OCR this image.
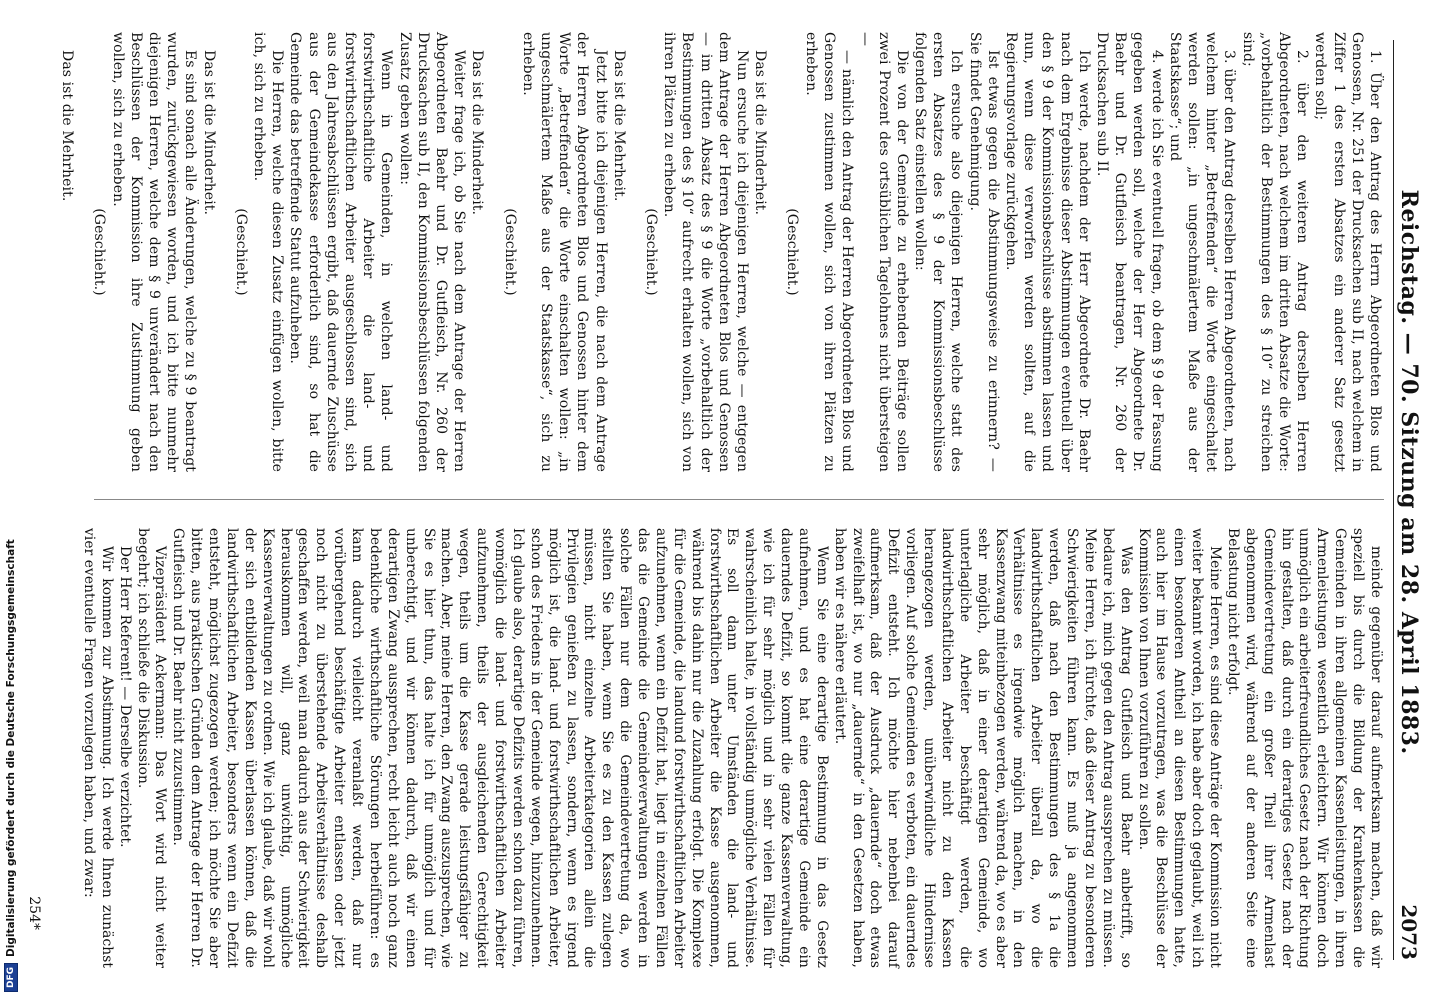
Reichstag. — 70. Sitzung am 28. April 1883.
2073

1. Über den Antrag des Herrn Abgeordneten Blos und Genossen, Nr. 251 der Drucksachen sub II, nach welchem in Ziffer 1 des ersten Absatzes ein anderer Satz gesetzt werden soll;

2. über den weiteren Antrag derselben Herren Abgeordneten, nach welchem im dritten Absatze die Worte: „vorbehaltlich der Bestimmungen des § 10“ zu streichen sind;

3. über den Antrag derselben Herren Abgeordneten, nach welchem hinter „Betreffenden“ die Worte eingeschaltet werden sollen: „in ungeschmälertem Maße aus der Staatskasse“; und

4. werde ich Sie eventuell fragen, ob dem § 9 der Fassung gegeben werden soll, welche der Herr Abgeordnete Dr. Baehr und Dr. Gutfleisch beantragen, Nr. 260 der Drucksachen sub II.

Ich werde, nachdem der Herr Abgeordnete Dr. Baehr nach dem Ergebnisse dieser Abstimmungen eventuell über den § 9 der Kommissionsbeschlüsse abstimmen lassen und nun, wenn diese verworfen werden sollten, auf die Regierungsvorlage zurückgehen.

Ist etwas gegen die Abstimmungsweise zu erinnern? — Sie findet Genehmigung.

Ich ersuche also diejenigen Herren, welche statt des ersten Absatzes des § 9 der Kommissionsbeschlüsse folgenden Satz einstellen wollen:

Die von der Gemeinde zu erhebenden Beiträge sollen zwei Prozent des ortsüblichen Tagelohnes nicht übersteigen —

— nämlich den Antrag der Herren Abgeordneten Blos und Genossen zustimmen wollen, sich von ihren Plätzen zu erheben.

(Geschieht.)

Das ist die Minderheit.

Nun ersuche ich diejenigen Herren, welche — entgegen dem Antrage der Herren Abgeordneten Blos und Genossen — im dritten Absatz des § 9 die Worte „vorbehaltlich der Bestimmungen des § 10“ aufrecht erhalten wollen, sich von ihren Plätzen zu erheben.

(Geschieht.)

Das ist die Mehrheit.

Jetzt bitte ich diejenigen Herren, die nach dem Antrage der Herren Abgeordneten Blos und Genossen hinter dem Worte „Betreffenden“ die Worte einschalten wollen: „in ungeschmälertem Maße aus der Staatskasse“, sich zu erheben.

(Geschieht.)

Das ist die Minderheit.

Weiter frage ich, ob Sie nach dem Antrage der Herren Abgeordneten Baehr und Dr. Gutfleisch, Nr. 260 der Drucksachen sub II, den Kommissionsbeschlüssen folgenden Zusatz geben wollen:

Wenn in Gemeinden, in welchen land- und forstwirthschaftliche Arbeiter die land- und forstwirthschaftlichen Arbeiter ausgeschlossen sind, sich aus den Jahresabschlüssen ergibt, daß dauernde Zuschüsse aus der Gemeindekasse erforderlich sind, so hat die Gemeinde das betreffende Statut aufzuheben.

Die Herren, welche diesen Zusatz einfügen wollen, bitte ich, sich zu erheben.

(Geschieht.)

Das ist die Minderheit.

Es sind sonach alle Änderungen, welche zu § 9 beantragt wurden, zurückgewiesen worden, und ich bitte nunmehr diejenigen Herren, welche dem § 9 unverändert nach den Beschlüssen der Kommission ihre Zustimmung geben wollen, sich zu erheben.

(Geschieht.)

Das ist die Mehrheit.

meinde gegenüber darauf aufmerksam machen, daß wir speziell bis durch die Bildung der Krankenkassen die Gemeinden in ihren allgemeinen Kassenleistungen, in ihren Armenleistungen wesentlich erleichtern. Wir können doch unmöglich ein arbeiterfreundliches Gesetz nach der Richtung hin gestalten, daß durch ein derartiges Gesetz nach der Gemeindevertretung ein großer Theil ihrer Armenlast abgenommen wird, während auf der anderen Seite eine Belastung nicht erfolgt.

Meine Herren, es sind diese Anträge der Kommission nicht weiter bekannt worden, ich habe aber doch geglaubt, weil ich einen besonderen Antheil an diesen Bestimmungen hatte, auch hier im Hause vorzutragen, was die Beschlüsse der Kommission von Ihnen vorzuführen zu sollen.

Was den Antrag Gutfleisch und Baehr anbetrifft, so bedaure ich, mich gegen den Antrag aussprechen zu müssen. Meine Herren, ich fürchte, daß dieser Antrag zu besonderen Schwierigkeiten führen kann. Es muß ja angenommen werden, daß nach den Bestimmungen des § 1a die landwirthschaftlichen Arbeiter überall da, wo die Verhältnisse es irgendwie möglich machen, in den Kassenzwang miteinbezogen werden, während da, wo es aber sehr möglich, daß in einer derartigen Gemeinde, wo unterlagliche Arbeiter beschäftigt werden, die landwirthschaftlichen Arbeiter nicht zu den Kassen herangezogen werden, unüberwindliche Hindernisse vorliegen. Auf solche Gemeinden es verboten, ein dauerndes Defizit entsteht. Ich möchte hier nebenbei darauf aufmerksam, daß der Ausdruck „dauernde“ doch etwas zweifelhaft ist, wo nur „dauernde“ in den Gesetzen haben, haben wir es nähere erläutert.

Wenn Sie eine derartige Bestimmung in das Gesetz aufnehmen, und es hat eine derartige Gemeinde ein dauerndes Defizit, so kommt die ganze Kassenverwaltung, wie ich für sehr möglich und in sehr vielen Fällen für wahrscheinlich halte, in vollständig unmögliche Verhältnisse. Es soll dann unter Umständen die land- und forstwirthschaftlichen Arbeiter die Kasse ausgenommen, während bis dahin nur die Zuzahlung erfolgt. Die Komplexe für die Gemeinde, die landund forstwirthschaftlichen Arbeiter aufzunehmen, wenn ein Defizit hat, liegt in einzelnen Fällen das die Gemeinde die Gemeindeverwaltungen werden in solche Fällen nur dem die Gemeindevertretung da, wo stellten Sie haben, wenn Sie es zu den Kassen zulegen müssen, nicht einzelne Arbeiterkategorien allein die Privilegien genießen zu lassen, sondern, wenn es irgend möglich ist, die land- und forstwirthschaftlichen Arbeiter, schon des Friedens in der Gemeinde wegen, hinzuzunehmen. Ich glaube also, derartige Defizits werden schon dazu führen, womöglich die land- und forstwirthschaftlichen Arbeiter aufzunehmen, theils der ausgleichenden Gerechtigkeit wegen, theils um die Kasse gerade leistungsfähiger zu machen. Aber, meine Herren, den Zwang auszusprechen, wie Sie es hier thun, das halte ich für unmöglich und für unberechtigt, und wir können dadurch, daß wir einen derartigen Zwang aussprechen, recht leicht auch noch ganz bedenkliche wirthschaftliche Störungen herbeiführen: es kann dadurch vielleicht veranlaßt werden, daß nur vorübergehend beschäftigte Arbeiter entlassen oder jetzt noch nicht zu überstehende Arbeitsverhältnisse deshalb geschaffen werden, weil man dadurch aus der Schwierigkeit herauskommen will, ganz unwichtig, unmögliche Kassenverwaltungen zu ordnen. Wie ich glaube, daß wir wohl der sich entbildenden Kassen überlassen können, daß die landwirthschaftlichen Arbeiter, besonders wenn ein Defizit entsteht, möglichst zugezogen werden; ich möchte Sie aber bitten, aus praktischen Gründen dem Antrage der Herren Dr. Gutfleisch und Dr. Baehr nicht zuzustimmen.

Vizepräsident Ackermann: Das Wort wird nicht weiter begehrt; ich schließe die Diskussion.

Der Herr Referent! — Derselbe verzichtet.

Wir kommen zur Abstimmung. Ich werde Ihnen zunächst vier eventuelle Fragen vorzulegen haben, und zwar:

254*
DFG
Digitalisierung gefördert durch die Deutsche Forschungsgemeinschaft
